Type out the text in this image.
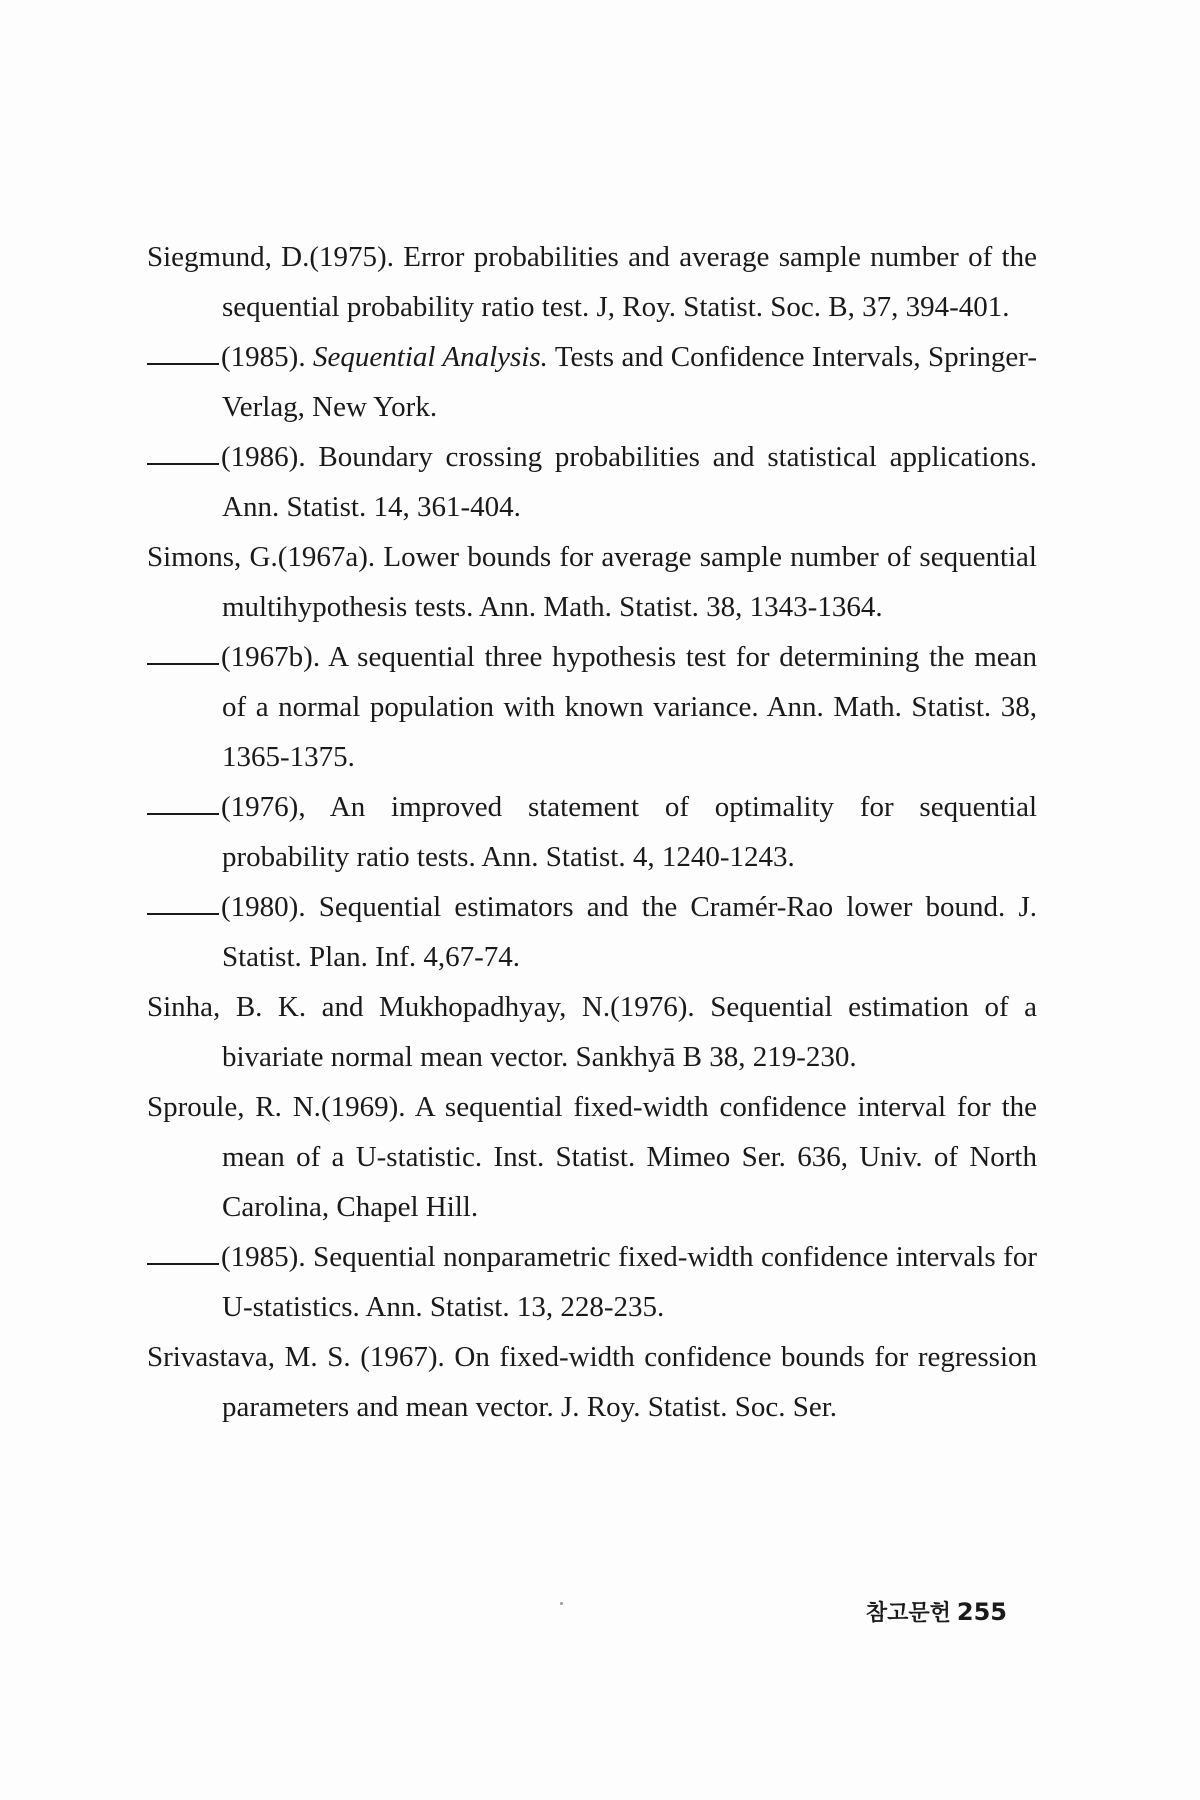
Siegmund, D.(1975). Error probabilities and average sample number of the sequential probability ratio test. J, Roy. Statist. Soc. B, 37, 394-401.

(1985). Sequential Analysis. Tests and Confidence Intervals, Springer-Verlag, New York.

(1986). Boundary crossing probabilities and statistical applications. Ann. Statist. 14, 361-404.

Simons, G.(1967a). Lower bounds for average sample number of sequential multihypothesis tests. Ann. Math. Statist. 38, 1343-1364.

(1967b). A sequential three hypothesis test for determining the mean of a normal population with known variance. Ann. Math. Statist. 38, 1365-1375.

(1976), An improved statement of optimality for sequential probability ratio tests. Ann. Statist. 4, 1240-1243.

(1980). Sequential estimators and the Cramér-Rao lower bound. J. Statist. Plan. Inf. 4,67-74.

Sinha, B. K. and Mukhopadhyay, N.(1976). Sequential estimation of a bivariate normal mean vector. Sankhyā B 38, 219-230.

Sproule, R. N.(1969). A sequential fixed-width confidence interval for the mean of a U-statistic. Inst. Statist. Mimeo Ser. 636, Univ. of North Carolina, Chapel Hill.

(1985). Sequential nonparametric fixed-width confidence intervals for U-statistics. Ann. Statist. 13, 228-235.

Srivastava, M. S. (1967). On fixed-width confidence bounds for regression parameters and mean vector. J. Roy. Statist. Soc. Ser.

참고문헌 255
